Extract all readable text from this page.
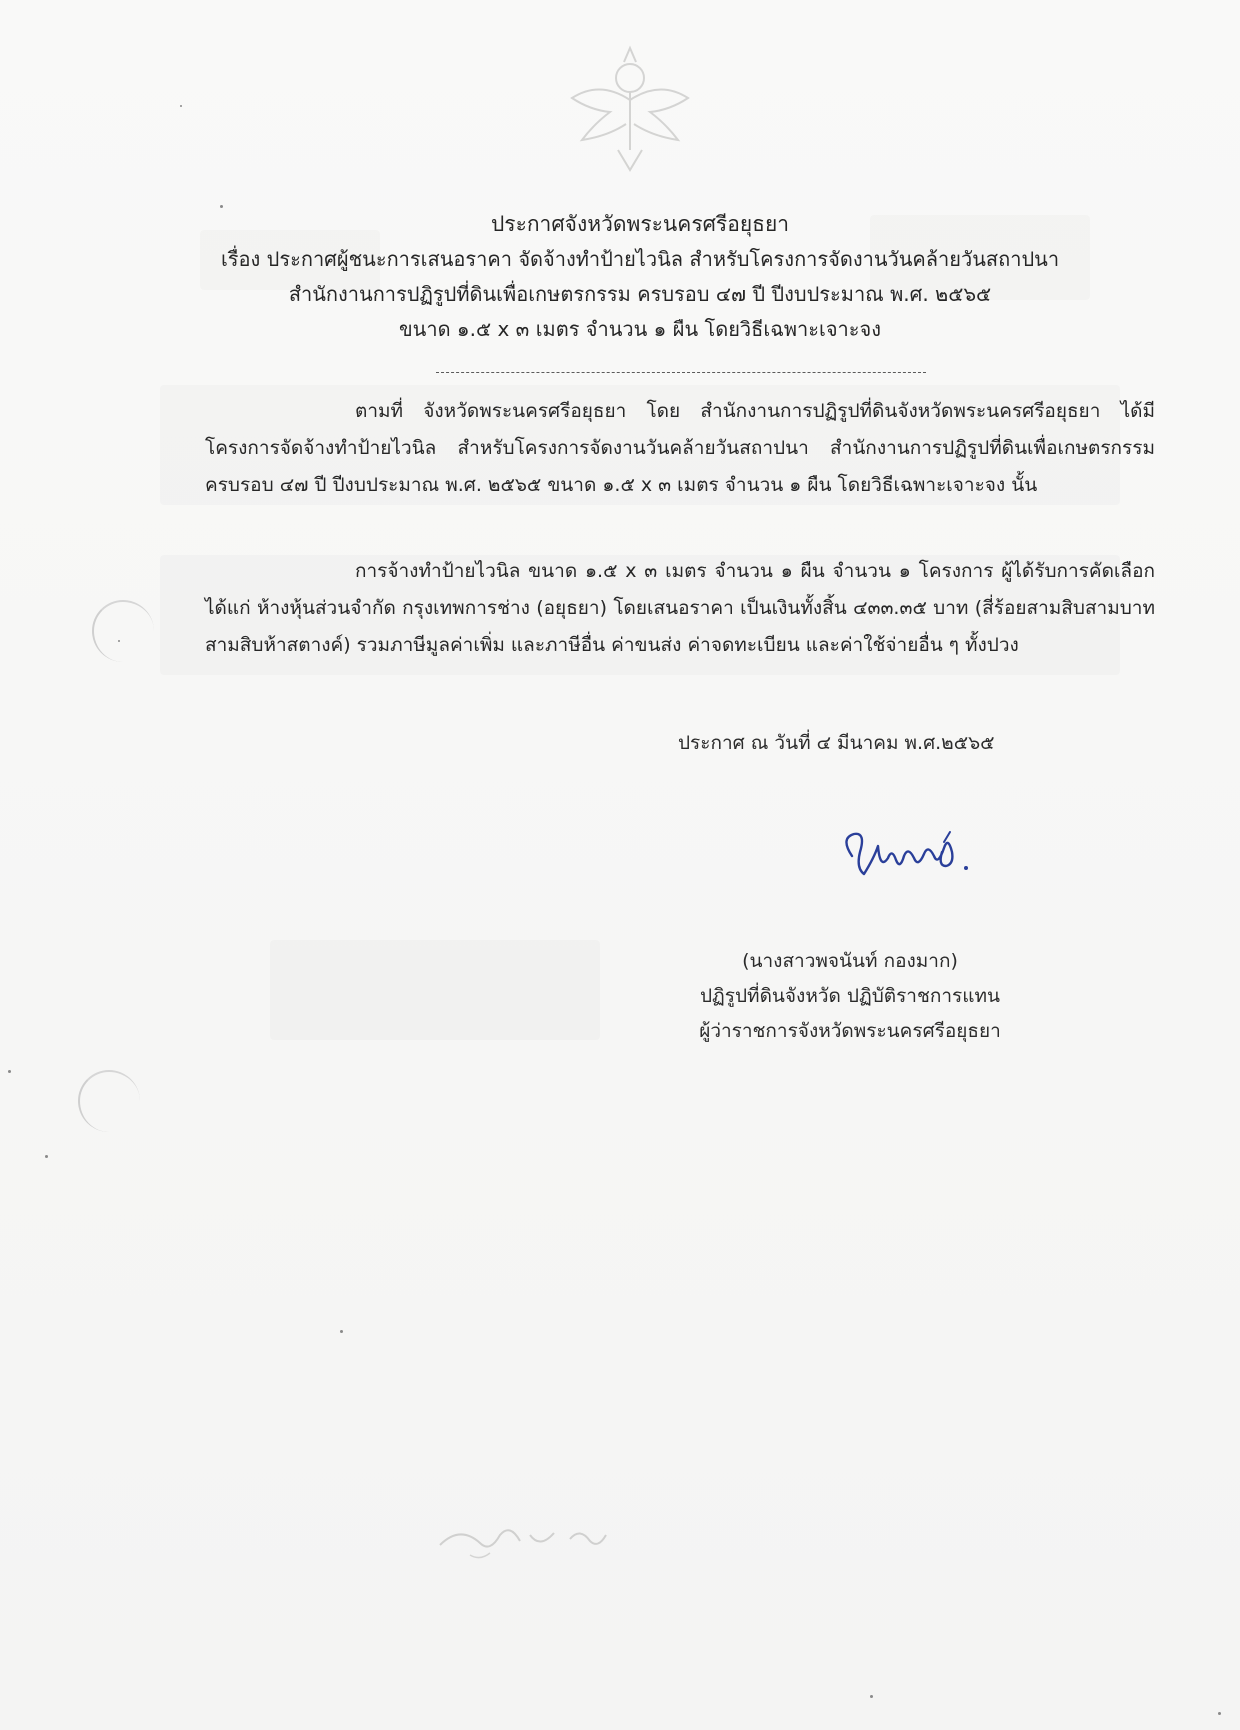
ประกาศจังหวัดพระนครศรีอยุธยา
เรื่อง ประกาศผู้ชนะการเสนอราคา จัดจ้างทำป้ายไวนิล สำหรับโครงการจัดงานวันคล้ายวันสถาปนา
สำนักงานการปฏิรูปที่ดินเพื่อเกษตรกรรม ครบรอบ ๔๗ ปี ปีงบประมาณ พ.ศ. ๒๕๖๕
ขนาด ๑.๕ x ๓ เมตร จำนวน ๑ ผืน โดยวิธีเฉพาะเจาะจง
ตามที่ จังหวัดพระนครศรีอยุธยา โดย สำนักงานการปฏิรูปที่ดินจังหวัดพระนครศรีอยุธยา ได้มีโครงการจัดจ้างทำป้ายไวนิล สำหรับโครงการจัดงานวันคล้ายวันสถาปนา สำนักงานการปฏิรูปที่ดินเพื่อเกษตรกรรม ครบรอบ ๔๗ ปี ปีงบประมาณ พ.ศ. ๒๕๖๕ ขนาด ๑.๕ x ๓ เมตร จำนวน ๑ ผืน โดยวิธีเฉพาะเจาะจง นั้น
การจ้างทำป้ายไวนิล ขนาด ๑.๕ x ๓ เมตร จำนวน ๑ ผืน จำนวน ๑ โครงการ ผู้ได้รับการคัดเลือก ได้แก่ ห้างหุ้นส่วนจำกัด กรุงเทพการช่าง (อยุธยา) โดยเสนอราคา เป็นเงินทั้งสิ้น ๔๓๓.๓๕ บาท (สี่ร้อยสามสิบสามบาทสามสิบห้าสตางค์) รวมภาษีมูลค่าเพิ่ม และภาษีอื่น ค่าขนส่ง ค่าจดทะเบียน และค่าใช้จ่ายอื่น ๆ ทั้งปวง
ประกาศ ณ วันที่ ๔ มีนาคม พ.ศ.๒๕๖๕
(นางสาวพจนันท์ กองมาก)
ปฏิรูปที่ดินจังหวัด ปฏิบัติราชการแทน
ผู้ว่าราชการจังหวัดพระนครศรีอยุธยา
